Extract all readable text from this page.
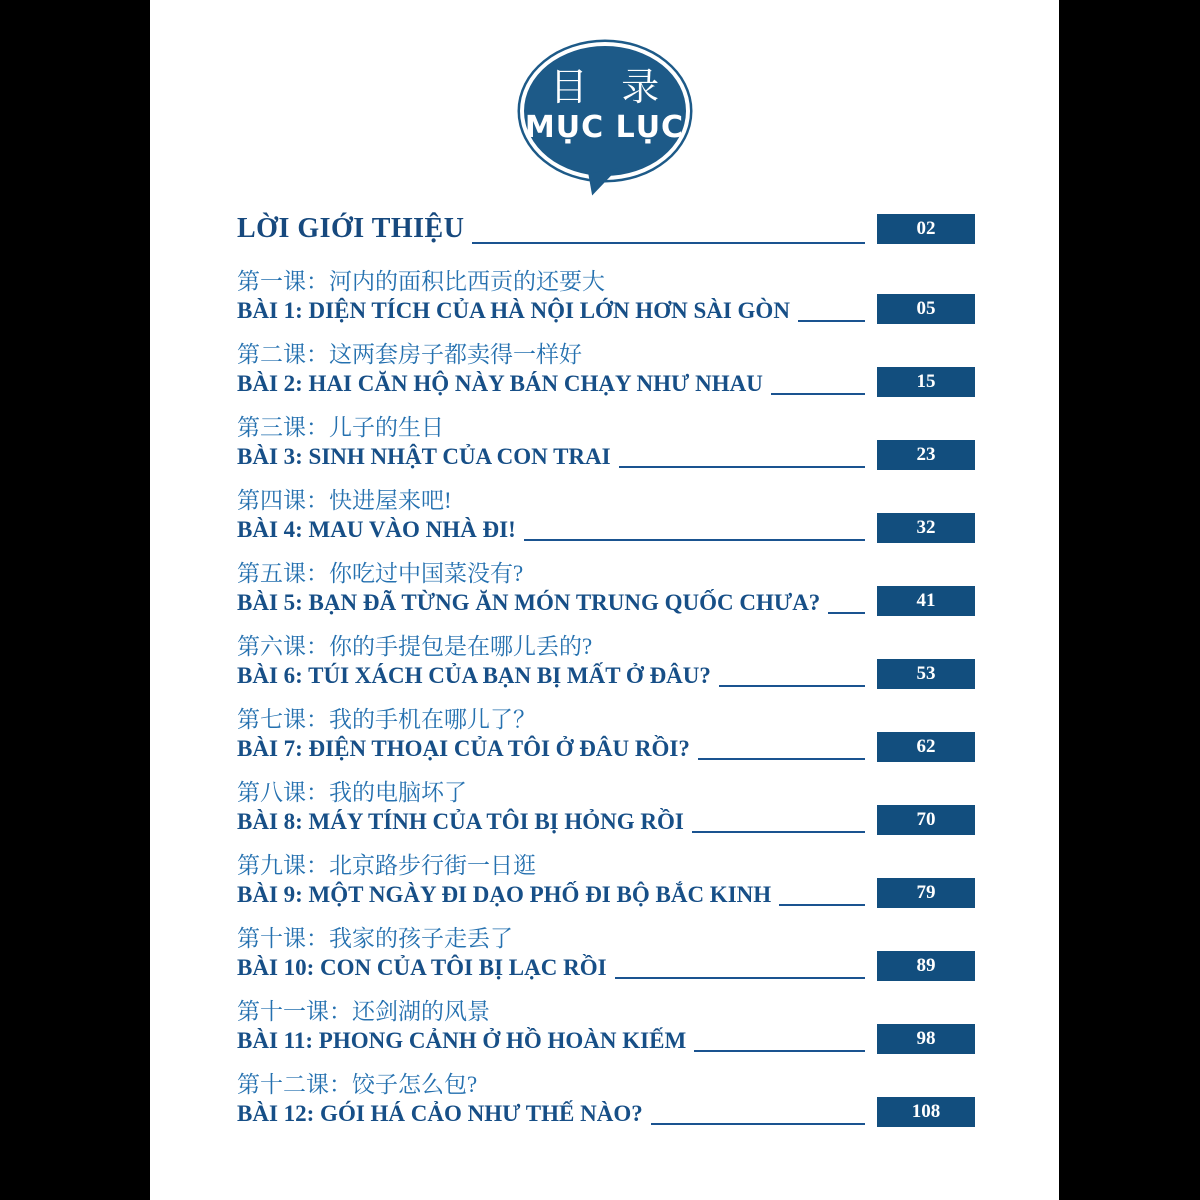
目 录
MỤC LỤC
LỜI GIỚI THIỆU	02
第一课：河内的面积比西贡的还要大
BÀI 1: DIỆN TÍCH CỦA HÀ NỘI LỚN HƠN SÀI GÒN	05
第二课：这两套房子都卖得一样好
BÀI 2: HAI CĂN HỘ NÀY BÁN CHẠY NHƯ NHAU	15
第三课：儿子的生日
BÀI 3: SINH NHẬT CỦA CON TRAI	23
第四课：快进屋来吧!
BÀI 4: MAU VÀO NHÀ ĐI!	32
第五课：你吃过中国菜没有?
BÀI 5: BẠN ĐÃ TỪNG ĂN MÓN TRUNG QUỐC CHƯA?	41
第六课：你的手提包是在哪儿丢的?
BÀI 6: TÚI XÁCH CỦA BẠN BỊ MẤT Ở ĐÂU?	53
第七课：我的手机在哪儿了？
BÀI 7: ĐIỆN THOẠI CỦA TÔI Ở ĐÂU RỒI?	62
第八课：我的电脑坏了
BÀI 8: MÁY TÍNH CỦA TÔI BỊ HỎNG RỒI	70
第九课：北京路步行街一日逛
BÀI 9: MỘT NGÀY ĐI DẠO PHỐ ĐI BỘ BẮC KINH	79
第十课：我家的孩子走丢了
BÀI 10: CON CỦA TÔI BỊ LẠC RỒI	89
第十一课：还剑湖的风景
BÀI 11: PHONG CẢNH Ở HỒ HOÀN KIẾM	98
第十二课：饺子怎么包?
BÀI 12: GÓI HÁ CẢO NHƯ THẾ NÀO?	108
